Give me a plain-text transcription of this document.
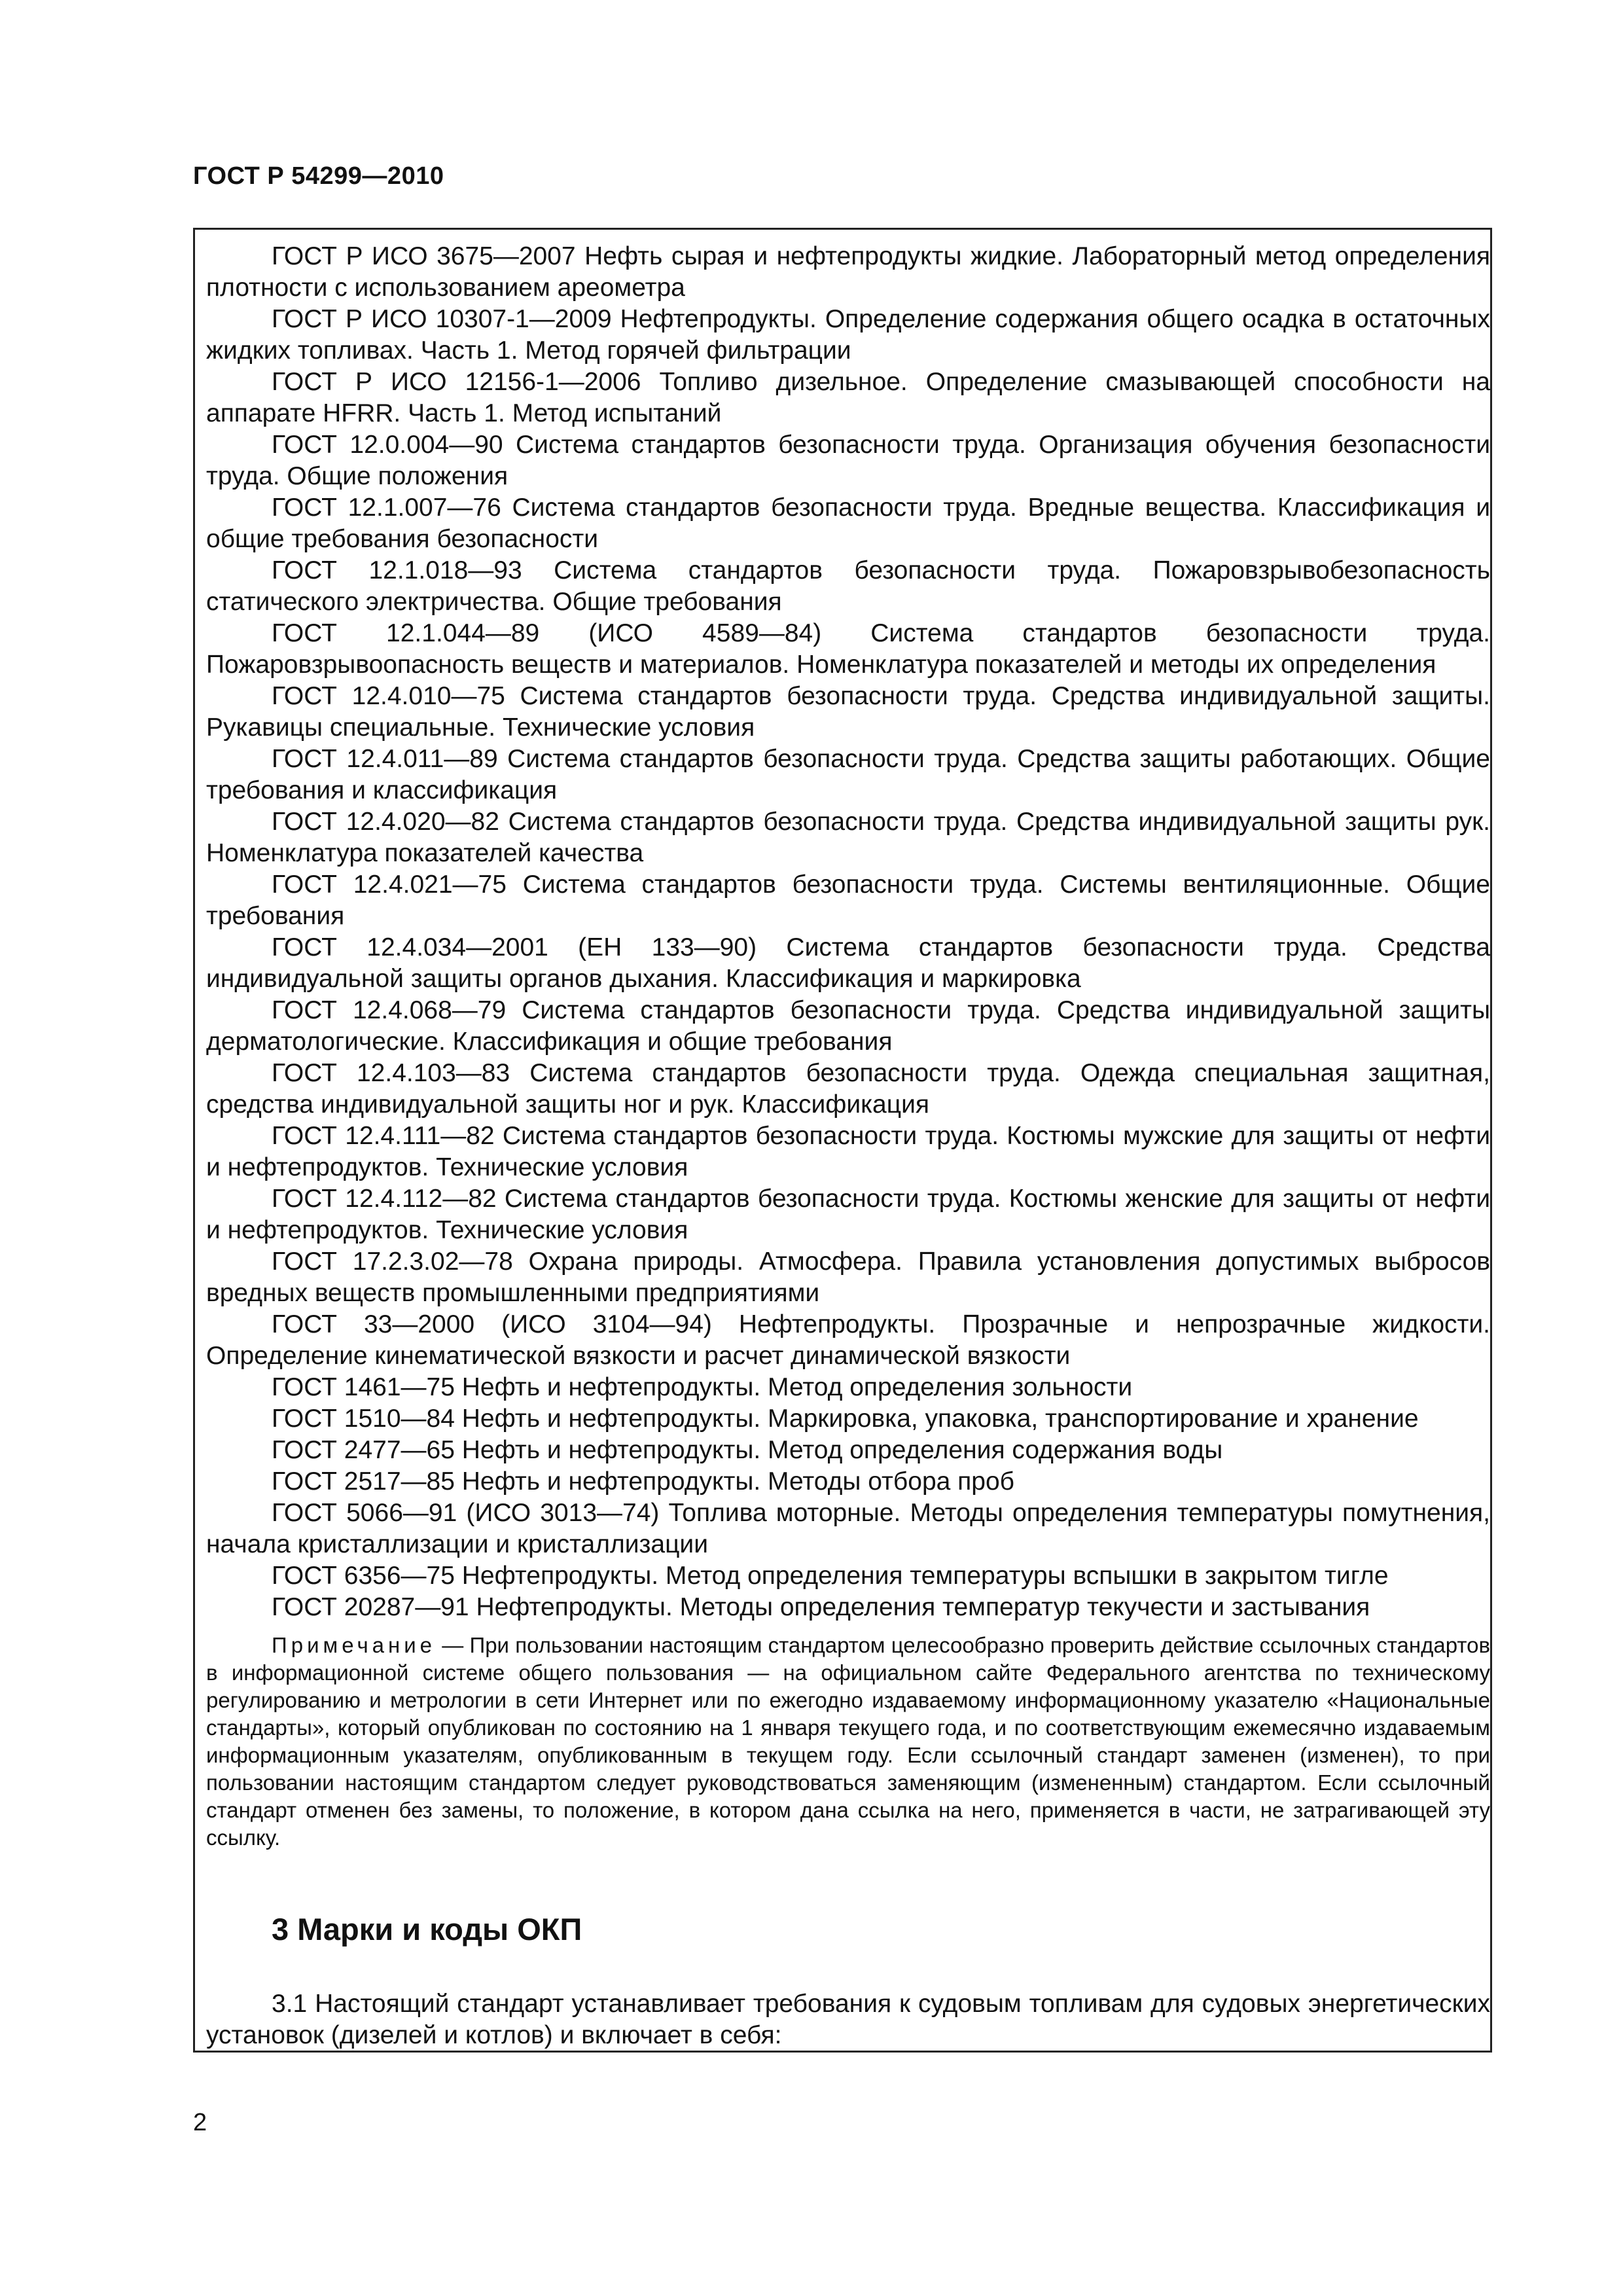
ГОСТ Р 54299—2010

ГОСТ Р ИСО 3675—2007 Нефть сырая и нефтепродукты жидкие. Лабораторный метод определения плотности с использованием ареометра

ГОСТ Р ИСО 10307-1—2009 Нефтепродукты. Определение содержания общего осадка в остаточных жидких топливах. Часть 1. Метод горячей фильтрации

ГОСТ Р ИСО 12156-1—2006 Топливо дизельное. Определение смазывающей способности на аппарате HFRR. Часть 1. Метод испытаний

ГОСТ 12.0.004—90 Система стандартов безопасности труда. Организация обучения безопасности труда. Общие положения

ГОСТ 12.1.007—76 Система стандартов безопасности труда. Вредные вещества. Классификация и общие требования безопасности

ГОСТ 12.1.018—93 Система стандартов безопасности труда. Пожаровзрывобезопасность статического электричества. Общие требования

ГОСТ 12.1.044—89 (ИСО 4589—84) Система стандартов безопасности труда. Пожаровзрывоопасность веществ и материалов. Номенклатура показателей и методы их определения

ГОСТ 12.4.010—75 Система стандартов безопасности труда. Средства индивидуальной защиты. Рукавицы специальные. Технические условия

ГОСТ 12.4.011—89 Система стандартов безопасности труда. Средства защиты работающих. Общие требования и классификация

ГОСТ 12.4.020—82 Система стандартов безопасности труда. Средства индивидуальной защиты рук. Номенклатура показателей качества

ГОСТ 12.4.021—75 Система стандартов безопасности труда. Системы вентиляционные. Общие требования

ГОСТ 12.4.034—2001 (ЕН 133—90) Система стандартов безопасности труда. Средства индивидуальной защиты органов дыхания. Классификация и маркировка

ГОСТ 12.4.068—79 Система стандартов безопасности труда. Средства индивидуальной защиты дерматологические. Классификация и общие требования

ГОСТ 12.4.103—83 Система стандартов безопасности труда. Одежда специальная защитная, средства индивидуальной защиты ног и рук. Классификация

ГОСТ 12.4.111—82 Система стандартов безопасности труда. Костюмы мужские для защиты от нефти и нефтепродуктов. Технические условия

ГОСТ 12.4.112—82 Система стандартов безопасности труда. Костюмы женские для защиты от нефти и нефтепродуктов. Технические условия

ГОСТ 17.2.3.02—78 Охрана природы. Атмосфера. Правила установления допустимых выбросов вредных веществ промышленными предприятиями

ГОСТ 33—2000 (ИСО 3104—94) Нефтепродукты. Прозрачные и непрозрачные жидкости. Определение кинематической вязкости и расчет динамической вязкости

ГОСТ 1461—75 Нефть и нефтепродукты. Метод определения зольности

ГОСТ 1510—84 Нефть и нефтепродукты. Маркировка, упаковка, транспортирование и хранение

ГОСТ 2477—65 Нефть и нефтепродукты. Метод определения содержания воды

ГОСТ 2517—85 Нефть и нефтепродукты. Методы отбора проб

ГОСТ 5066—91 (ИСО 3013—74) Топлива моторные. Методы определения температуры помутнения, начала кристаллизации и кристаллизации

ГОСТ 6356—75 Нефтепродукты. Метод определения температуры вспышки в закрытом тигле

ГОСТ 20287—91 Нефтепродукты. Методы определения температур текучести и застывания

Примечание — При пользовании настоящим стандартом целесообразно проверить действие ссылочных стандартов в информационной системе общего пользования — на официальном сайте Федерального агентства по техническому регулированию и метрологии в сети Интернет или по ежегодно издаваемому информационному указателю «Национальные стандарты», который опубликован по состоянию на 1 января текущего года, и по соответствующим ежемесячно издаваемым информационным указателям, опубликованным в текущем году. Если ссылочный стандарт заменен (изменен), то при пользовании настоящим стандартом следует руководствоваться заменяющим (измененным) стандартом. Если ссылочный стандарт отменен без замены, то положение, в котором дана ссылка на него, применяется в части, не затрагивающей эту ссылку.

3 Марки и коды ОКП

3.1 Настоящий стандарт устанавливает требования к судовым топливам для судовых энергетических установок (дизелей и котлов) и включает в себя:

2
